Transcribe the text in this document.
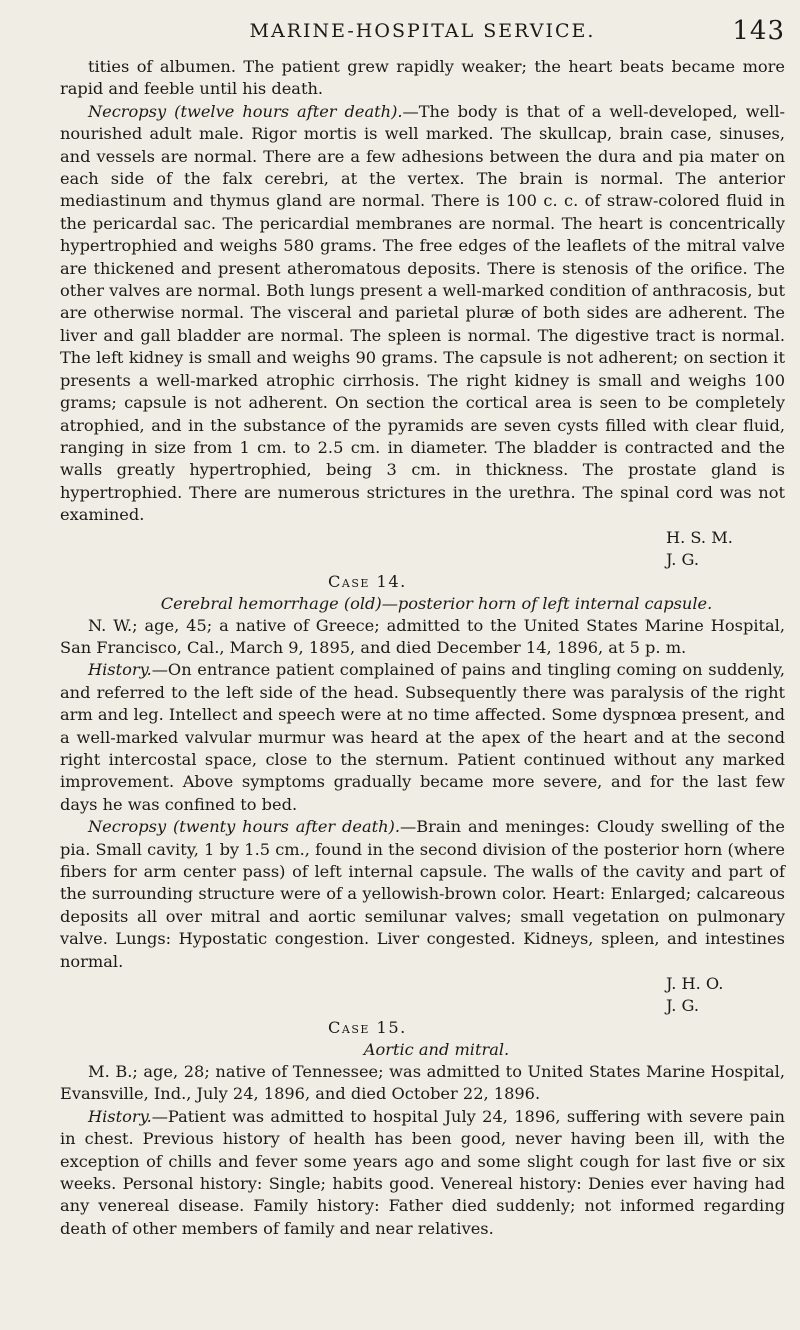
MARINE-HOSPITAL SERVICE.	143

tities of albumen. The patient grew rapidly weaker; the heart beats became more rapid and feeble until his death.

Necropsy (twelve hours after death).—The body is that of a well-developed, well-nourished adult male. Rigor mortis is well marked. The skullcap, brain case, sinuses, and vessels are normal. There are a few adhesions between the dura and pia mater on each side of the falx cerebri, at the vertex. The brain is normal. The anterior mediastinum and thymus gland are normal. There is 100 c. c. of straw-colored fluid in the pericardal sac. The pericardial membranes are normal. The heart is concentrically hypertrophied and weighs 580 grams. The free edges of the leaflets of the mitral valve are thickened and present atheromatous deposits. There is stenosis of the orifice. The other valves are normal. Both lungs present a well-marked condition of anthracosis, but are otherwise normal. The visceral and parietal pluræ of both sides are adherent. The liver and gall bladder are normal. The spleen is normal. The digestive tract is normal. The left kidney is small and weighs 90 grams. The capsule is not adherent; on section it presents a well-marked atrophic cirrhosis. The right kidney is small and weighs 100 grams; capsule is not adherent. On section the cortical area is seen to be completely atrophied, and in the substance of the pyramids are seven cysts filled with clear fluid, ranging in size from 1 cm. to 2.5 cm. in diameter. The bladder is contracted and the walls greatly hypertrophied, being 3 cm. in thickness. The prostate gland is hypertrophied. There are numerous strictures in the urethra. The spinal cord was not examined.

H. S. M.

J. G.

Case 14.

Cerebral hemorrhage (old)—posterior horn of left internal capsule.

N. W.; age, 45; a native of Greece; admitted to the United States Marine Hospital, San Francisco, Cal., March 9, 1895, and died December 14, 1896, at 5 p. m.

History.—On entrance patient complained of pains and tingling coming on suddenly, and referred to the left side of the head. Subsequently there was paralysis of the right arm and leg. Intellect and speech were at no time affected. Some dyspnœa present, and a well-marked valvular murmur was heard at the apex of the heart and at the second right intercostal space, close to the sternum. Patient continued without any marked improvement. Above symptoms gradually became more severe, and for the last few days he was confined to bed.

Necropsy (twenty hours after death).—Brain and meninges: Cloudy swelling of the pia. Small cavity, 1 by 1.5 cm., found in the second division of the posterior horn (where fibers for arm center pass) of left internal capsule. The walls of the cavity and part of the surrounding structure were of a yellowish-brown color. Heart: Enlarged; calcareous deposits all over mitral and aortic semilunar valves; small vegetation on pulmonary valve. Lungs: Hypostatic congestion. Liver congested. Kidneys, spleen, and intestines normal.

J. H. O.

J. G.

Case 15.

Aortic and mitral.

M. B.; age, 28; native of Tennessee; was admitted to United States Marine Hospital, Evansville, Ind., July 24, 1896, and died October 22, 1896.

History.—Patient was admitted to hospital July 24, 1896, suffering with severe pain in chest. Previous history of health has been good, never having been ill, with the exception of chills and fever some years ago and some slight cough for last five or six weeks. Personal history: Single; habits good. Venereal history: Denies ever having had any venereal disease. Family history: Father died suddenly; not informed regarding death of other members of family and near relatives.
